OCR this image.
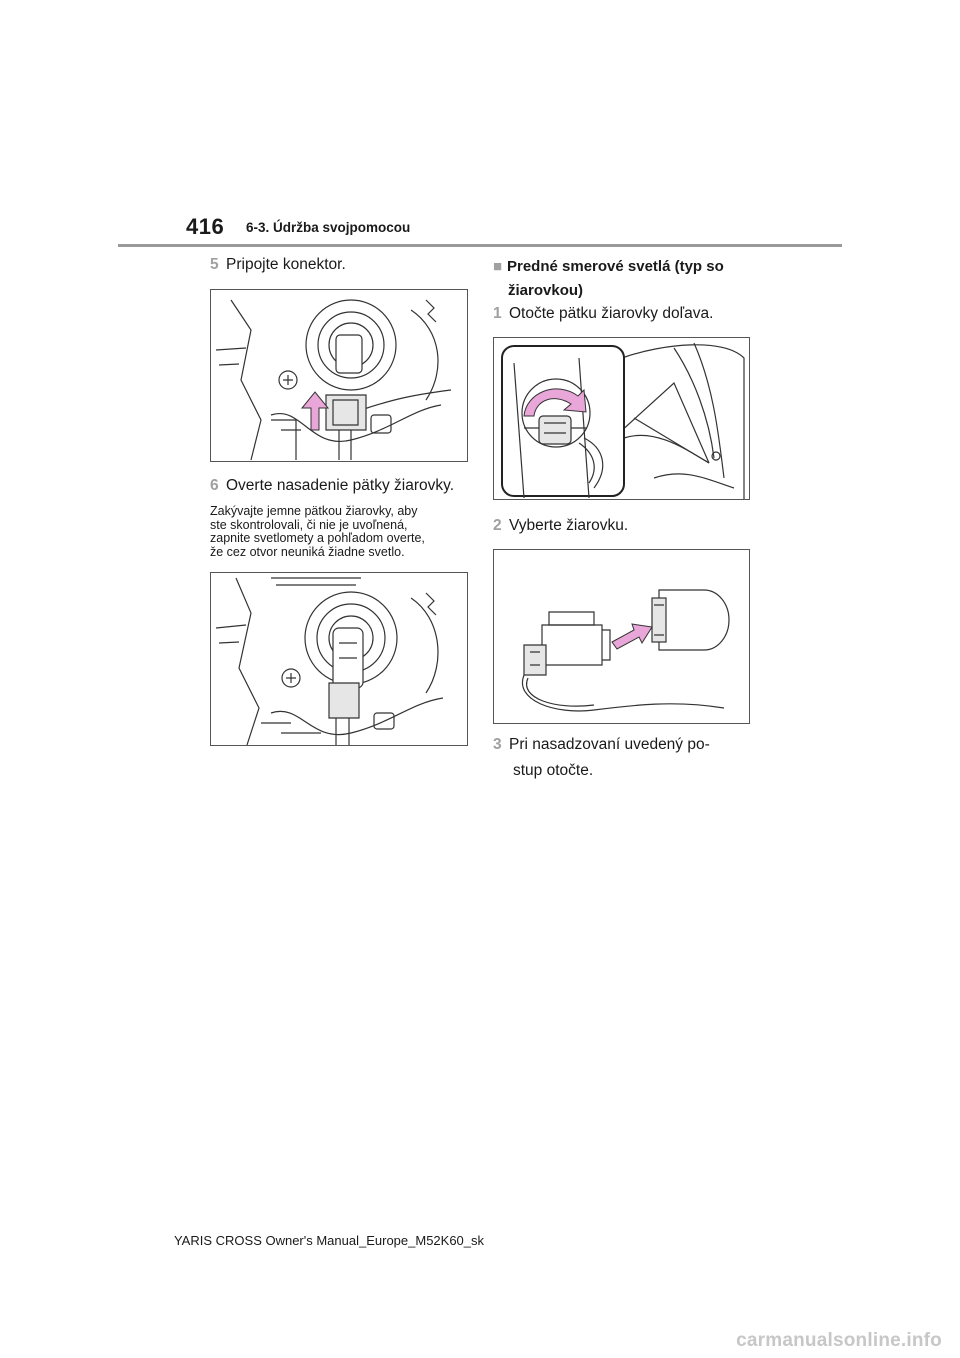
416 6-3. Údržba svojpomocou
5 Pripojte konektor.
6 Overte nasadenie pätky žiarovky.
Zakývajte jemne pätkou žiarovky, aby
ste skontrolovali, či nie je uvoľnená,
zapnite svetlomety a pohľadom overte,
že cez otvor neuniká žiadne svetlo.
■ Predné smerové svetlá (typ so
žiarovkou)
1 Otočte pätku žiarovky doľava.
2 Vyberte žiarovku.
3 Pri nasadzovaní uvedený po-
stup otočte.
YARIS CROSS Owner's Manual_Europe_M52K60_sk
carmanualsonline.info
